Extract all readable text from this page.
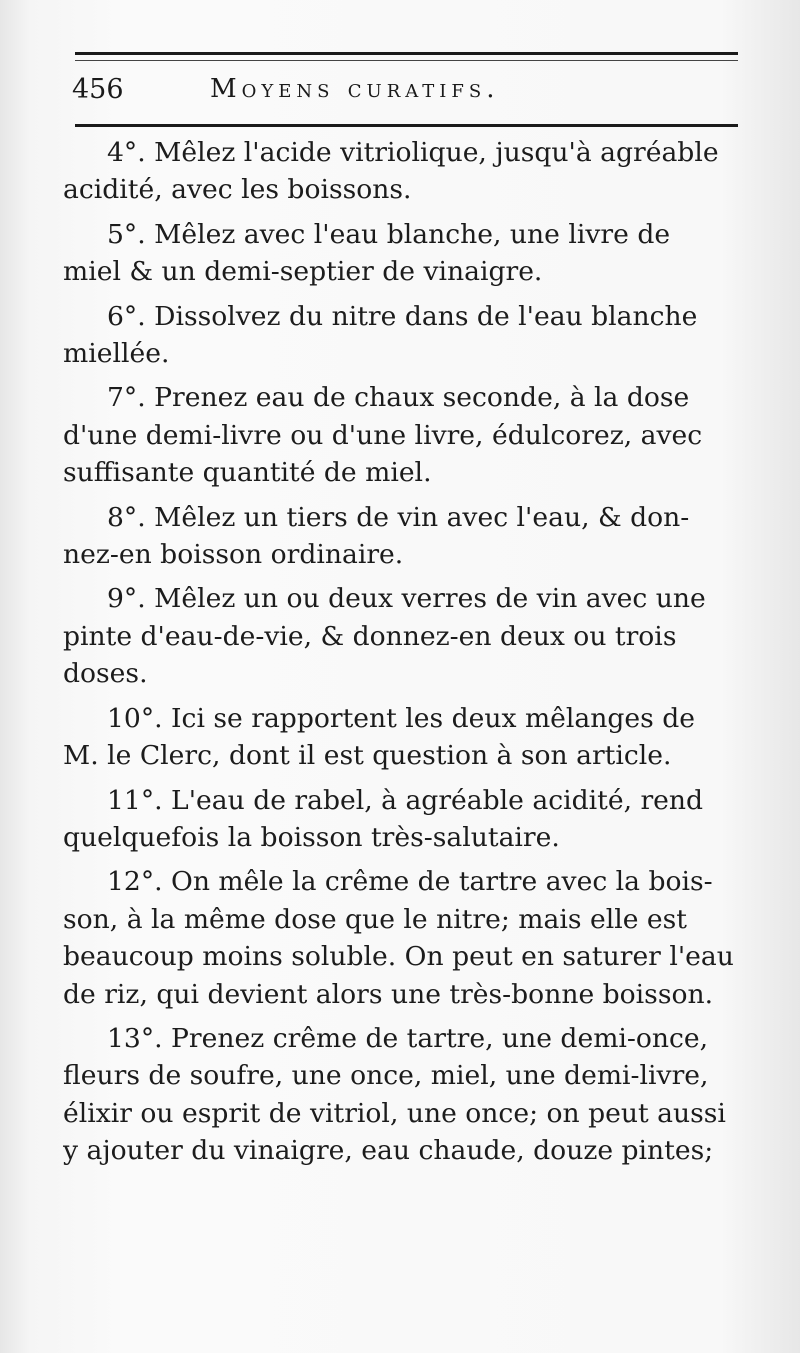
456	Moyens curatifs.
4°. Mêlez l'acide vitriolique, jusqu'à agréable
acidité, avec les boissons.
5°. Mêlez avec l'eau blanche, une livre de
miel & un demi-septier de vinaigre.
6°. Dissolvez du nitre dans de l'eau blanche
miellée.
7°. Prenez eau de chaux seconde, à la dose
d'une demi-livre ou d'une livre, édulcorez, avec
suffisante quantité de miel.
8°. Mêlez un tiers de vin avec l'eau, & don-
nez-en boisson ordinaire.
9°. Mêlez un ou deux verres de vin avec une
pinte d'eau-de-vie, & donnez-en deux ou trois
doses.
10°. Ici se rapportent les deux mêlanges de
M. le Clerc, dont il est question à son article.
11°. L'eau de rabel, à agréable acidité, rend
quelquefois la boisson très-salutaire.
12°. On mêle la crême de tartre avec la bois-
son, à la même dose que le nitre; mais elle est
beaucoup moins soluble. On peut en saturer l'eau
de riz, qui devient alors une très-bonne boisson.
13°. Prenez crême de tartre, une demi-once,
fleurs de soufre, une once, miel, une demi-livre,
élixir ou esprit de vitriol, une once; on peut aussi
y ajouter du vinaigre, eau chaude, douze pintes;
